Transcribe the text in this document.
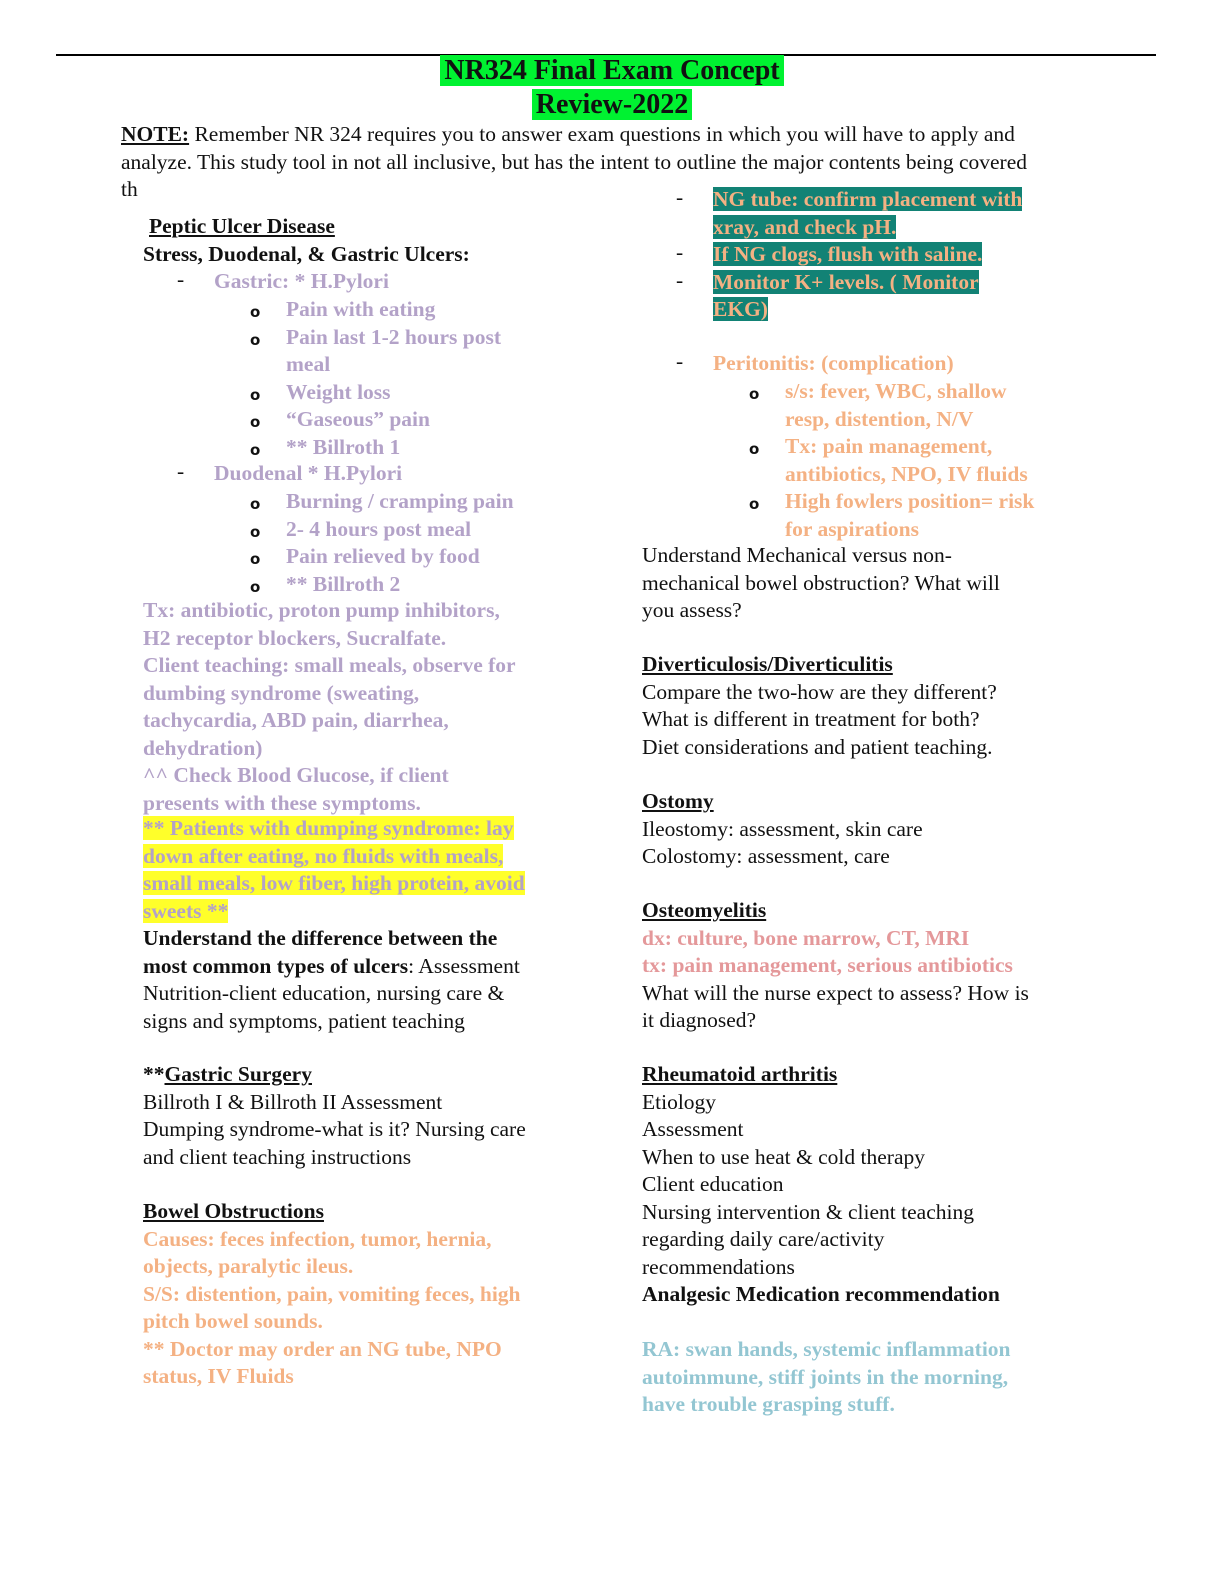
NR324 Final Exam Concept
Review-2022
NOTE: Remember NR 324 requires you to answer exam questions in which you will have to apply and
analyze. This study tool in not all inclusive, but has the intent to outline the major contents being covered
th
Peptic Ulcer Disease
Stress, Duodenal, & Gastric Ulcers:
- Gastric: * H.Pylori
o Pain with eating
o Pain last 1-2 hours post
meal
o Weight loss
o “Gaseous” pain
o ** Billroth 1
- Duodenal * H.Pylori
o Burning / cramping pain
o 2- 4 hours post meal
o Pain relieved by food
o ** Billroth 2
Tx: antibiotic, proton pump inhibitors,
H2 receptor blockers, Sucralfate.
Client teaching: small meals, observe for
dumbing syndrome (sweating,
tachycardia, ABD pain, diarrhea,
dehydration)
^^ Check Blood Glucose, if client
presents with these symptoms.
** Patients with dumping syndrome: lay
down after eating, no fluids with meals,
small meals, low fiber, high protein, avoid
sweets **
Understand the difference between the
most common types of ulcers: Assessment
Nutrition-client education, nursing care &
signs and symptoms, patient teaching
**Gastric Surgery
Billroth I & Billroth II Assessment
Dumping syndrome-what is it? Nursing care
and client teaching instructions
Bowel Obstructions
Causes: feces infection, tumor, hernia,
objects, paralytic ileus.
S/S: distention, pain, vomiting feces, high
pitch bowel sounds.
** Doctor may order an NG tube, NPO
status, IV Fluids
- NG tube: confirm placement with
xray, and check pH.
- If NG clogs, flush with saline.
- Monitor K+ levels. ( Monitor
EKG)
- Peritonitis: (complication)
o s/s: fever, WBC, shallow
resp, distention, N/V
o Tx: pain management,
antibiotics, NPO, IV fluids
o High fowlers position= risk
for aspirations
Understand Mechanical versus non-
mechanical bowel obstruction? What will
you assess?
Diverticulosis/Diverticulitis
Compare the two-how are they different?
What is different in treatment for both?
Diet considerations and patient teaching.
Ostomy
Ileostomy: assessment, skin care
Colostomy: assessment, care
Osteomyelitis
dx: culture, bone marrow, CT, MRI
tx: pain management, serious antibiotics
What will the nurse expect to assess? How is
it diagnosed?
Rheumatoid arthritis
Etiology
Assessment
When to use heat & cold therapy
Client education
Nursing intervention & client teaching
regarding daily care/activity
recommendations
Analgesic Medication recommendation

RA: swan hands, systemic inflammation
autoimmune, stiff joints in the morning,
have trouble grasping stuff.
